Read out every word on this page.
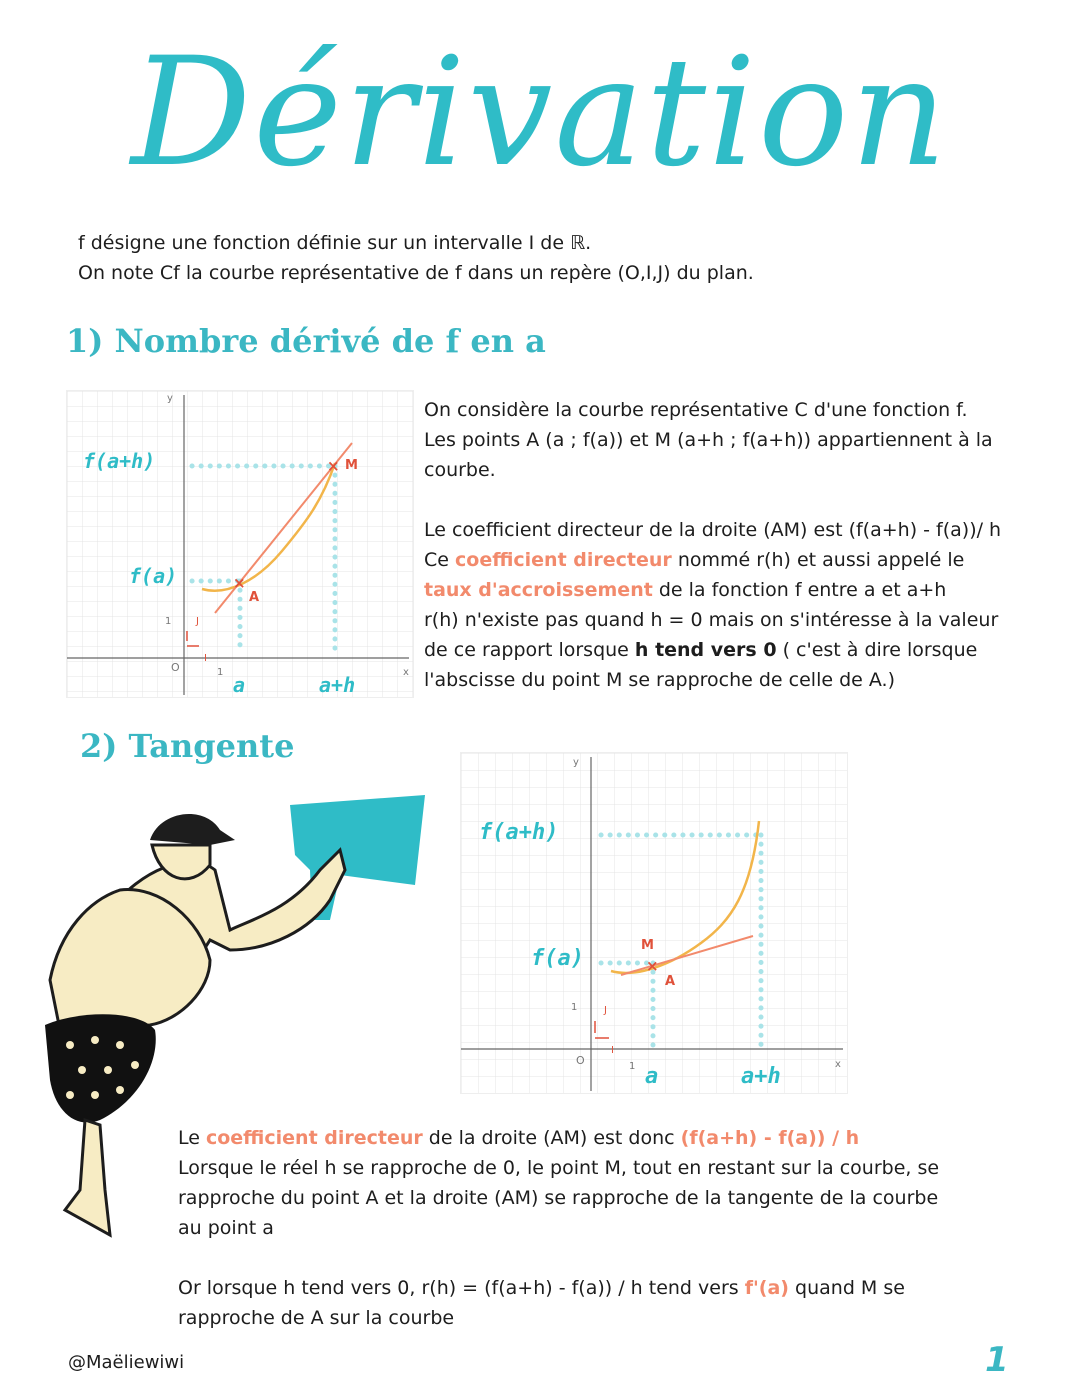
Dérivation
f désigne une fonction définie sur un intervalle I de ℝ.
On note Cf la courbe représentative de f dans un repère (O,I,J) du plan.
1) Nombre dérivé de f en a
y
x
O	1
1
I
J
×
×
A
M
f(a+h)
f(a)
a	a+h
On considère la courbe représentative C d'une fonction f.
Les points A (a ; f(a)) et M (a+h ; f(a+h)) appartiennent à la
courbe.
Le coefficient directeur de la droite (AM) est (f(a+h) - f(a))/ h
Ce coefficient directeur nommé r(h) et aussi appelé le
taux d'accroissement de la fonction f entre a et a+h
r(h) n'existe pas quand h = 0 mais on s'intéresse à la valeur
de ce rapport lorsque h tend vers 0 ( c'est à dire lorsque
l'abscisse du point M se rapproche de celle de A.)
2) Tangente	y
x
O	1
1
I
J
×
M
A
f(a+h)
f(a)
a	a+h
Le coefficient directeur de la droite (AM) est donc (f(a+h) - f(a)) / h
Lorsque le réel h se rapproche de 0, le point M, tout en restant sur la courbe, se
rapproche du point A et la droite (AM) se rapproche de la tangente de la courbe
au point a
Or lorsque h tend vers 0, r(h) = (f(a+h) - f(a)) / h tend vers f'(a) quand M se
rapproche de A sur la courbe
@Maëliewiwi	1
